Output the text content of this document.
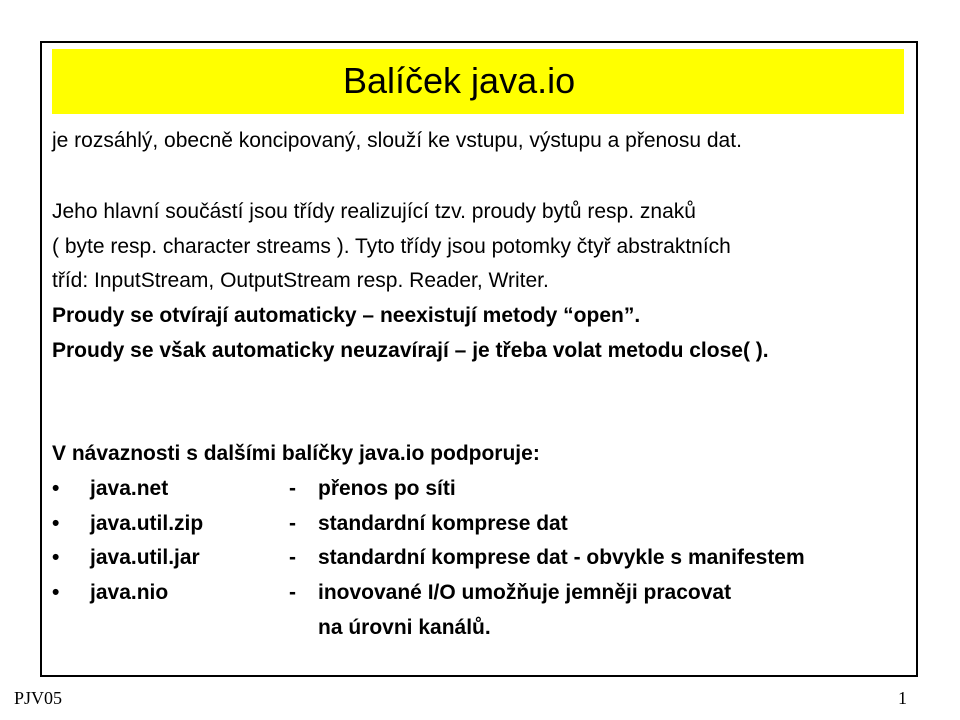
Balíček java.io
je rozsáhlý, obecně koncipovaný, slouží ke vstupu, výstupu a přenosu dat.
Jeho hlavní součástí jsou třídy realizující tzv. proudy bytů resp. znaků
( byte resp. character streams ). Tyto třídy jsou potomky čtyř abstraktních
tříd: InputStream, OutputStream resp. Reader, Writer.
Proudy se otvírají automaticky – neexistují metody “open”.
Proudy se však automaticky neuzavírají – je třeba volat metodu close( ).
V návaznosti s dalšími balíčky java.io podporuje:
• java.net	- přenos po síti
• java.util.zip	- standardní komprese dat
• java.util.jar	- standardní komprese dat - obvykle s manifestem
• java.nio	- inovované I/O umožňuje jemněji pracovat
na úrovni kanálů.
PJV05	1
